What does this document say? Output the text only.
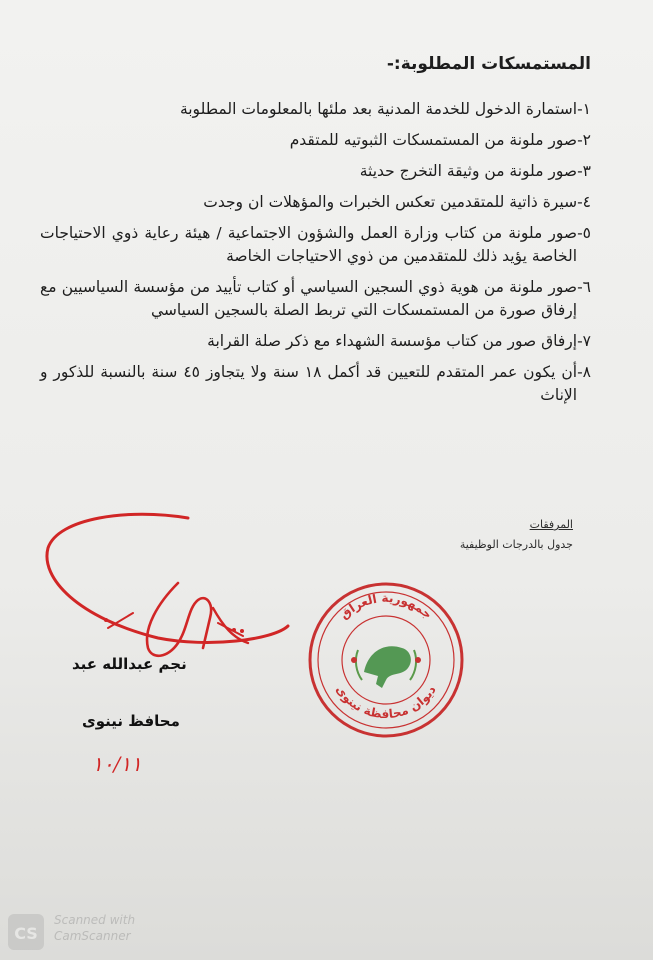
المستمسكات المطلوبة:-
١-
استمارة الدخول للخدمة المدنية بعد ملئها بالمعلومات المطلوبة
٢-
صور ملونة من المستمسكات الثبوتيه للمتقدم
٣-
صور ملونة من وثيقة التخرج حديثة
٤-
سيرة ذاتية للمتقدمين تعكس الخبرات والمؤهلات ان وجدت
٥-
صور ملونة من كتاب وزارة العمل والشؤون الاجتماعية / هيئة رعاية ذوي الاحتياجات الخاصة يؤيد ذلك للمتقدمين من ذوي الاحتياجات الخاصة
٦-
صور ملونة من هوية ذوي السجين السياسي أو كتاب تأييد من مؤسسة السياسيين مع إرفاق صورة من المستمسكات التي تربط الصلة بالسجين السياسي
٧-
إرفاق صور من كتاب مؤسسة الشهداء مع ذكر صلة القرابة
٨-
أن يكون عمر المتقدم للتعيين قد أكمل ١٨ سنة ولا يتجاوز ٤٥ سنة بالنسبة للذكور و الإناث
المرفقات
جدول بالدرجات الوظيفية
نجم عبدالله عبد
محافظ نينوى
١٠/١١
جمهورية العراق
ديوان محافظة نينوى
CS
Scanned with
CamScanner
